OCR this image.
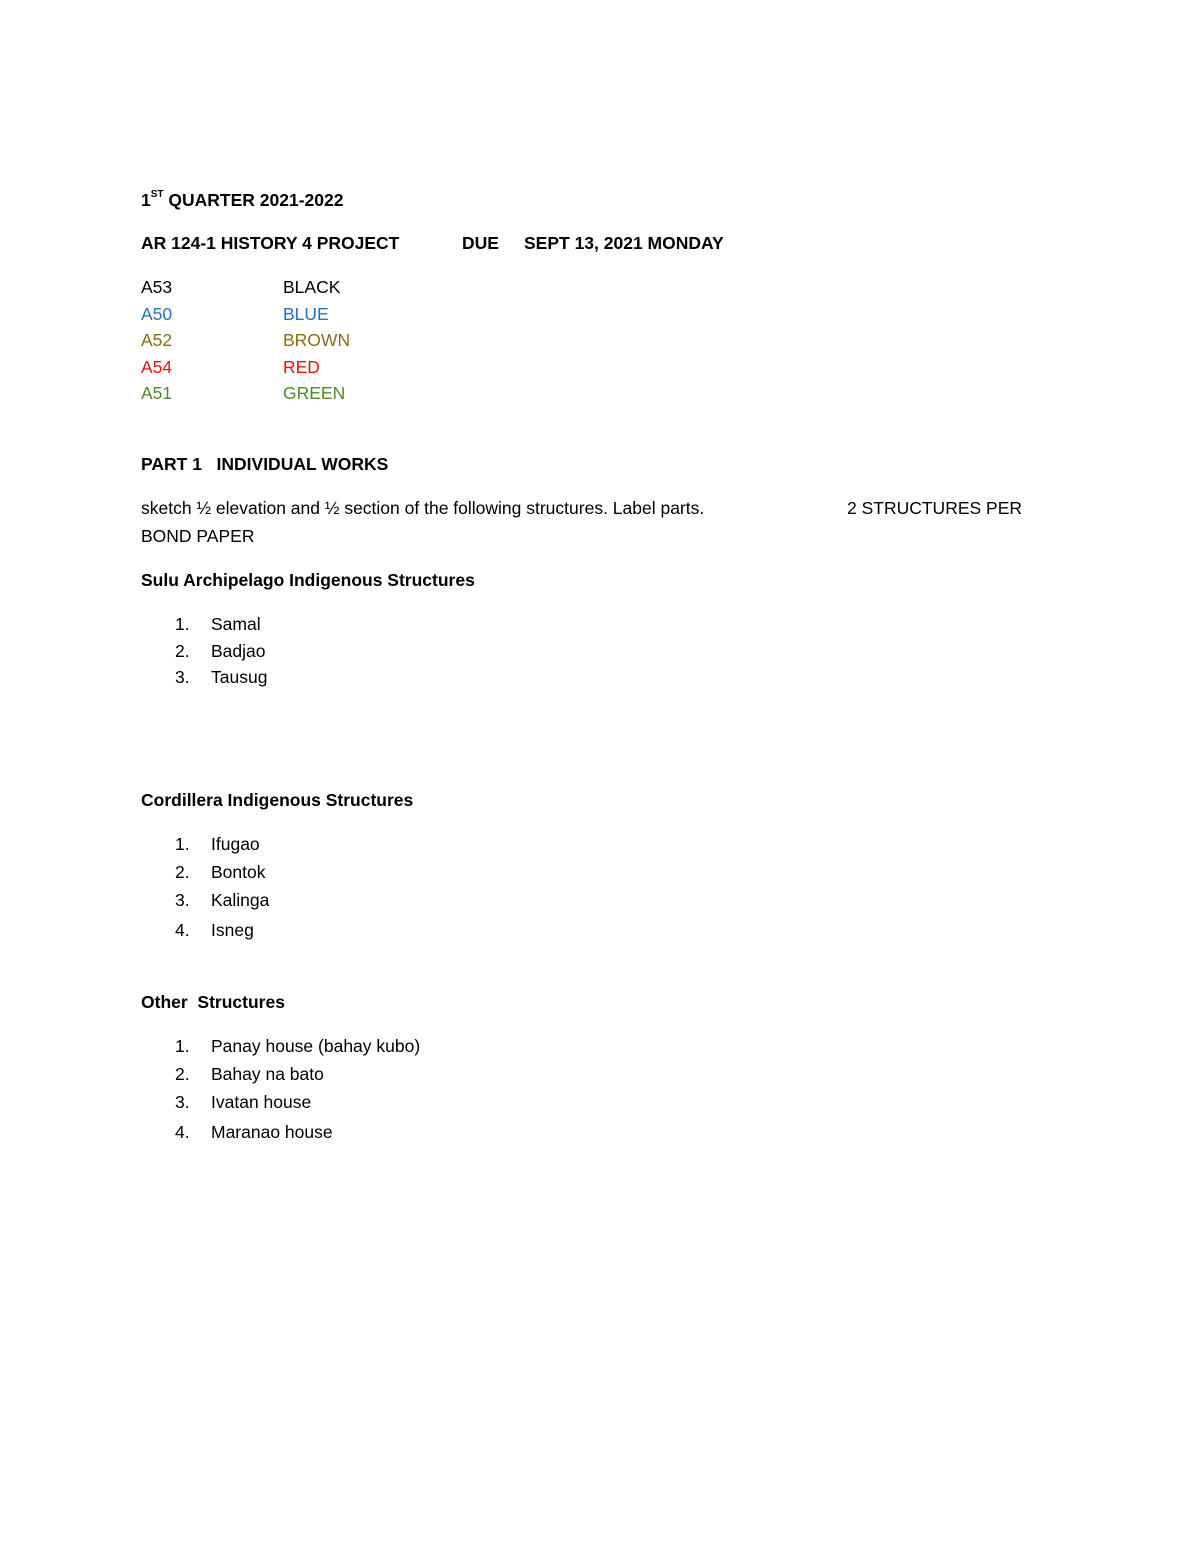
1ST QUARTER 2021-2022
AR 124-1 HISTORY 4 PROJECT	DUE SEPT 13, 2021 MONDAY
A53	BLACK
A50	BLUE
A52	BROWN
A54	RED
A51	GREEN
PART 1   INDIVIDUAL WORKS
sketch ½ elevation and ½ section of the following structures. Label parts.	2 STRUCTURES PER
BOND PAPER
Sulu Archipelago Indigenous Structures
1. Samal
2. Badjao
3. Tausug
Cordillera Indigenous Structures
1. Ifugao
2. Bontok
3. Kalinga
4. Isneg
Other  Structures
1. Panay house (bahay kubo)
2. Bahay na bato
3. Ivatan house
4. Maranao house
